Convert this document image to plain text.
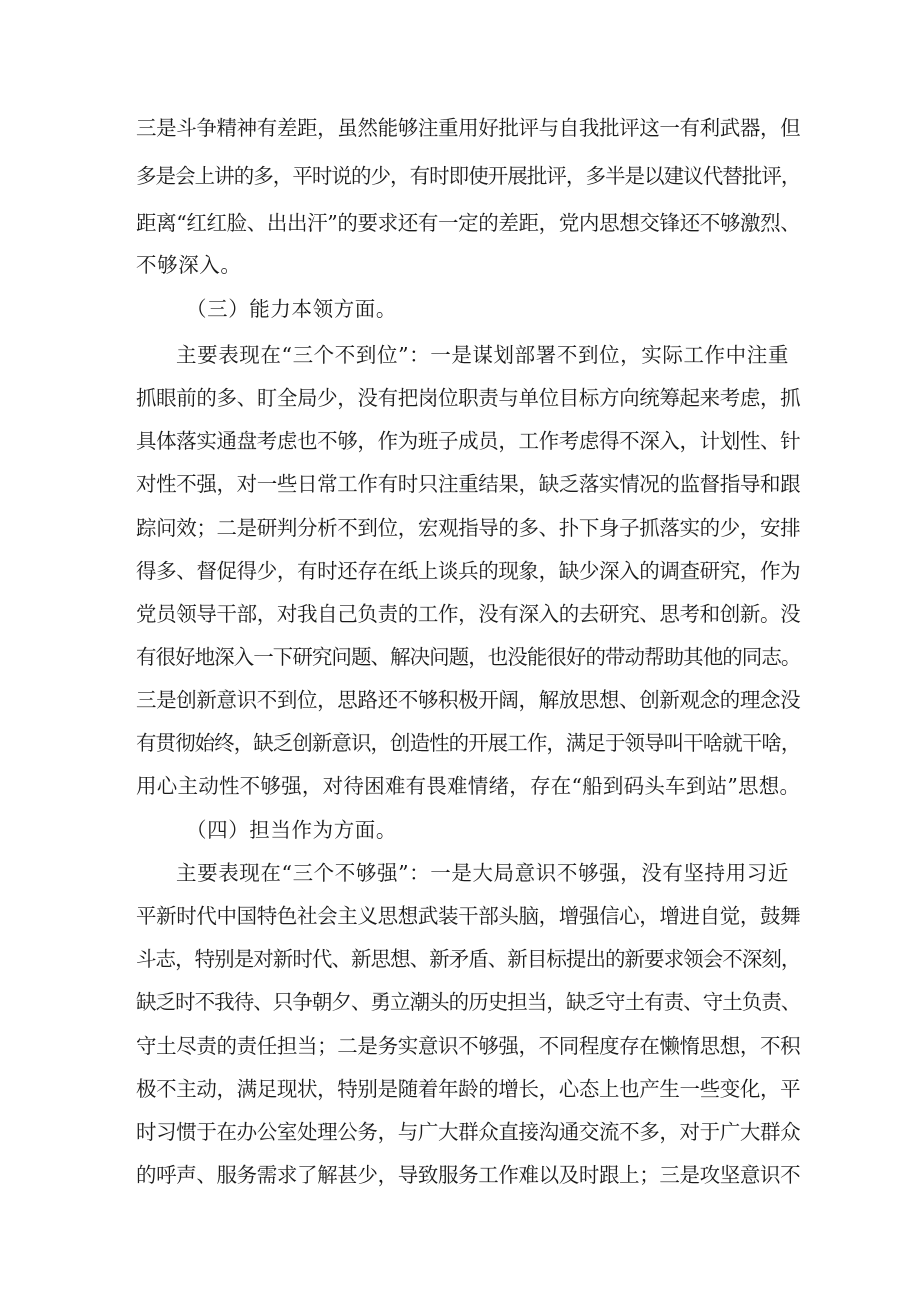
三是斗争精神有差距，虽然能够注重用好批评与自我批评这一有利武器，但
多是会上讲的多，平时说的少，有时即使开展批评，多半是以建议代替批评，
距离“红红脸、出出汗”的要求还有一定的差距，党内思想交锋还不够激烈、
不够深入。
（三）能力本领方面。
主要表现在“三个不到位”：一是谋划部署不到位，实际工作中注重
抓眼前的多、盯全局少，没有把岗位职责与单位目标方向统筹起来考虑，抓
具体落实通盘考虑也不够，作为班子成员，工作考虑得不深入，计划性、针
对性不强，对一些日常工作有时只注重结果，缺乏落实情况的监督指导和跟
踪问效；二是研判分析不到位，宏观指导的多、扑下身子抓落实的少，安排
得多、督促得少，有时还存在纸上谈兵的现象，缺少深入的调查研究，作为
党员领导干部，对我自己负责的工作，没有深入的去研究、思考和创新。没
有很好地深入一下研究问题、解决问题，也没能很好的带动帮助其他的同志。
三是创新意识不到位，思路还不够积极开阔，解放思想、创新观念的理念没
有贯彻始终，缺乏创新意识，创造性的开展工作，满足于领导叫干啥就干啥，
用心主动性不够强，对待困难有畏难情绪，存在“船到码头车到站”思想。
（四）担当作为方面。
主要表现在“三个不够强”：一是大局意识不够强，没有坚持用习近
平新时代中国特色社会主义思想武装干部头脑，增强信心，增进自觉，鼓舞
斗志，特别是对新时代、新思想、新矛盾、新目标提出的新要求领会不深刻，
缺乏时不我待、只争朝夕、勇立潮头的历史担当，缺乏守土有责、守土负责、
守土尽责的责任担当；二是务实意识不够强，不同程度存在懒惰思想，不积
极不主动，满足现状，特别是随着年龄的增长，心态上也产生一些变化，平
时习惯于在办公室处理公务，与广大群众直接沟通交流不多，对于广大群众
的呼声、服务需求了解甚少，导致服务工作难以及时跟上；三是攻坚意识不
